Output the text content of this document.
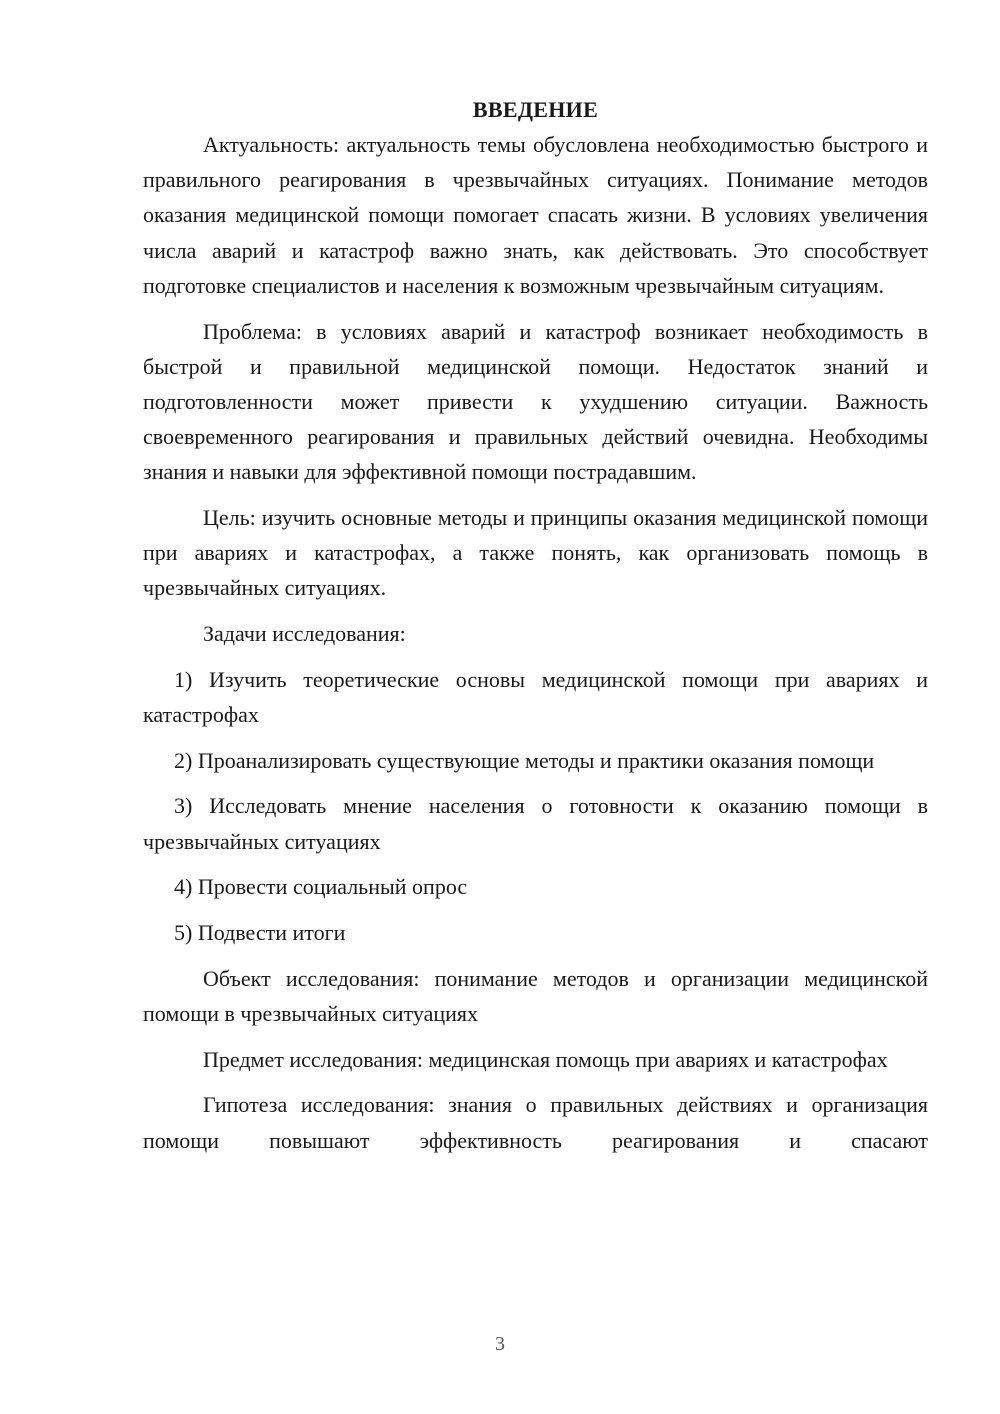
ВВЕДЕНИЕ

Актуальность: актуальность темы обусловлена необходимостью быстрого и правильного реагирования в чрезвычайных ситуациях. Понимание методов оказания медицинской помощи помогает спасать жизни. В условиях увеличения числа аварий и катастроф важно знать, как действовать. Это способствует подготовке специалистов и населения к возможным чрезвычайным ситуациям.

Проблема: в условиях аварий и катастроф возникает необходимость в быстрой и правильной медицинской помощи. Недостаток знаний и подготовленности может привести к ухудшению ситуации. Важность своевременного реагирования и правильных действий очевидна. Необходимы знания и навыки для эффективной помощи пострадавшим.

Цель: изучить основные методы и принципы оказания медицинской помощи при авариях и катастрофах, а также понять, как организовать помощь в чрезвычайных ситуациях.

Задачи исследования:

1) Изучить теоретические основы медицинской помощи при авариях и катастрофах

2) Проанализировать существующие методы и практики оказания помощи

3) Исследовать мнение населения о готовности к оказанию помощи в чрезвычайных ситуациях

4) Провести социальный опрос

5) Подвести итоги

Объект исследования: понимание методов и организации медицинской помощи в чрезвычайных ситуациях

Предмет исследования: медицинская помощь при авариях и катастрофах

Гипотеза исследования: знания о правильных действиях и организация помощи повышают эффективность реагирования и спасают

3
